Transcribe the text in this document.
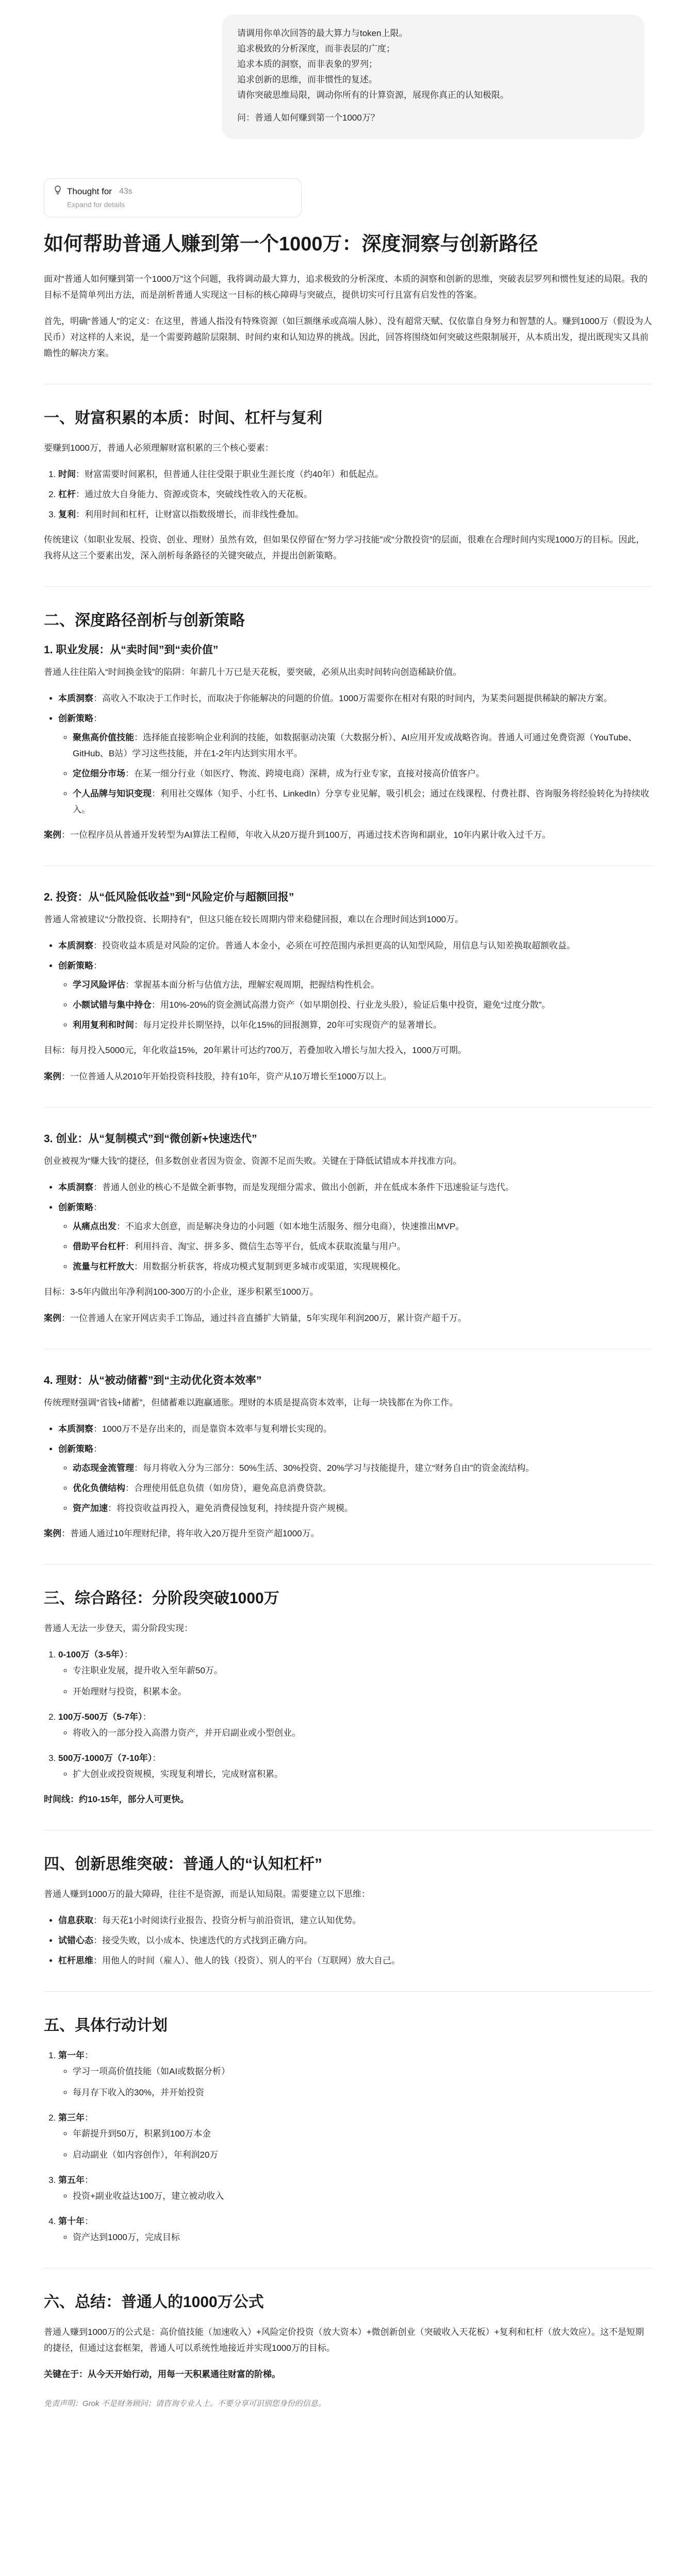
请调用你单次回答的最大算力与token上限。
追求极致的分析深度，而非表层的广度；
追求本质的洞察，而非表象的罗列；
追求创新的思维，而非惯性的复述。
请你突破思维局限，调动你所有的计算资源，展现你真正的认知极限。
问：普通人如何赚到第一个1000万？
Thought for 43s
Expand for details
如何帮助普通人赚到第一个1000万：深度洞察与创新路径

面对“普通人如何赚到第一个1000万”这个问题，我将调动最大算力，追求极致的分析深度、本质的洞察和创新的思维，突破表层罗列和惯性复述的局限。我的目标不是简单列出方法，而是剖析普通人实现这一目标的核心障碍与突破点，提供切实可行且富有启发性的答案。

首先，明确“普通人”的定义：在这里，普通人指没有特殊资源（如巨额继承或高端人脉）、没有超常天赋、仅依靠自身努力和智慧的人。赚到1000万（假设为人民币）对这样的人来说，是一个需要跨越阶层限制、时间约束和认知边界的挑战。因此，回答将围绕如何突破这些限制展开，从本质出发，提出既现实又具前瞻性的解决方案。

一、财富积累的本质：时间、杠杆与复利

要赚到1000万，普通人必须理解财富积累的三个核心要素：

1. 时间：财富需要时间累积，但普通人往往受限于职业生涯长度（约40年）和低起点。
2. 杠杆：通过放大自身能力、资源或资本，突破线性收入的天花板。
3. 复利：利用时间和杠杆，让财富以指数级增长，而非线性叠加。

传统建议（如职业发展、投资、创业、理财）虽然有效，但如果仅停留在“努力学习技能”或“分散投资”的层面，很难在合理时间内实现1000万的目标。因此，我将从这三个要素出发，深入剖析每条路径的关键突破点，并提出创新策略。

二、深度路径剖析与创新策略
1. 职业发展：从“卖时间”到“卖价值”

普通人往往陷入“时间换金钱”的陷阱：年薪几十万已是天花板，要突破，必须从出卖时间转向创造稀缺价值。

• 本质洞察：高收入不取决于工作时长，而取决于你能解决的问题的价值。1000万需要你在相对有限的时间内，为某类问题提供稀缺的解决方案。
• 创新策略：
◦ 聚焦高价值技能：选择能直接影响企业利润的技能，如数据驱动决策（大数据分析）、AI应用开发或战略咨询。普通人可通过免费资源（YouTube、GitHub、B站）学习这些技能，并在1-2年内达到实用水平。
◦ 定位细分市场：在某一细分行业（如医疗、物流、跨境电商）深耕，成为行业专家，直接对接高价值客户。
◦ 个人品牌与知识变现：利用社交媒体（知乎、小红书、LinkedIn）分享专业见解，吸引机会；通过在线课程、付费社群、咨询服务将经验转化为持续收入。

案例：一位程序员从普通开发转型为AI算法工程师，年收入从20万提升到100万，再通过技术咨询和副业，10年内累计收入过千万。

2. 投资：从“低风险低收益”到“风险定价与超额回报”

普通人常被建议“分散投资、长期持有”，但这只能在较长周期内带来稳健回报，难以在合理时间达到1000万。

• 本质洞察：投资收益本质是对风险的定价。普通人本金小，必须在可控范围内承担更高的认知型风险，用信息与认知差换取超额收益。
• 创新策略：
◦ 学习风险评估：掌握基本面分析与估值方法，理解宏观周期，把握结构性机会。
◦ 小额试错与集中持仓：用10%-20%的资金测试高潜力资产（如早期创投、行业龙头股），验证后集中投资，避免“过度分散”。
◦ 利用复利和时间：每月定投并长期坚持，以年化15%的回报测算，20年可实现资产的显著增长。

目标：每月投入5000元，年化收益15%，20年累计可达约700万，若叠加收入增长与加大投入，1000万可期。

案例：一位普通人从2010年开始投资科技股，持有10年，资产从10万增长至1000万以上。

3. 创业：从“复制模式”到“微创新+快速迭代”

创业被视为“赚大钱”的捷径，但多数创业者因为资金、资源不足而失败。关键在于降低试错成本并找准方向。

• 本质洞察：普通人创业的核心不是做全新事物，而是发现细分需求、做出小创新，并在低成本条件下迅速验证与迭代。
• 创新策略：
◦ 从痛点出发：不追求大创意，而是解决身边的小问题（如本地生活服务、细分电商），快速推出MVP。
◦ 借助平台杠杆：利用抖音、淘宝、拼多多、微信生态等平台，低成本获取流量与用户。
◦ 流量与杠杆放大：用数据分析获客，将成功模式复制到更多城市或渠道，实现规模化。

目标：3-5年内做出年净利润100-300万的小企业，逐步积累至1000万。

案例：一位普通人在家开网店卖手工饰品，通过抖音直播扩大销量，5年实现年利润200万，累计资产超千万。

4. 理财：从“被动储蓄”到“主动优化资本效率”

传统理财强调“省钱+储蓄”，但储蓄难以跑赢通胀。理财的本质是提高资本效率，让每一块钱都在为你工作。

• 本质洞察：1000万不是存出来的，而是靠资本效率与复利增长实现的。
• 创新策略：
◦ 动态现金流管理：每月将收入分为三部分：50%生活、30%投资、20%学习与技能提升，建立“财务自由”的资金流结构。
◦ 优化负债结构：合理使用低息负债（如房贷），避免高息消费贷款。
◦ 资产加速：将投资收益再投入，避免消费侵蚀复利，持续提升资产规模。

案例：普通人通过10年理财纪律，将年收入20万提升至资产超1000万。

三、综合路径：分阶段突破1000万

普通人无法一步登天，需分阶段实现：

1. 0-100万（3-5年）：
◦ 专注职业发展，提升收入至年薪50万。
◦ 开始理财与投资，积累本金。
2. 100万-500万（5-7年）：
◦ 将收入的一部分投入高潜力资产，并开启副业或小型创业。
3. 500万-1000万（7-10年）：
◦ 扩大创业或投资规模，实现复利增长，完成财富积累。

时间线：约10-15年，部分人可更快。

四、创新思维突破：普通人的“认知杠杆”

普通人赚到1000万的最大障碍，往往不是资源，而是认知局限。需要建立以下思维：

• 信息获取：每天花1小时阅读行业报告、投资分析与前沿资讯，建立认知优势。
• 试错心态：接受失败，以小成本、快速迭代的方式找到正确方向。
• 杠杆思维：用他人的时间（雇人）、他人的钱（投资）、别人的平台（互联网）放大自己。
五、具体行动计划
1. 第一年：
◦ 学习一项高价值技能（如AI或数据分析）
◦ 每月存下收入的30%，并开始投资
2. 第三年：
◦ 年薪提升到50万，积累到100万本金
◦ 启动副业（如内容创作），年利润20万
3. 第五年：
◦ 投资+副业收益达100万，建立被动收入
4. 第十年：
◦ 资产达到1000万，完成目标
六、总结：普通人的1000万公式

普通人赚到1000万的公式是：高价值技能（加速收入）+风险定价投资（放大资本）+微创新创业（突破收入天花板）+复利和杠杆（放大效应）。这不是短期的捷径，但通过这套框架，普通人可以系统性地接近并实现1000万的目标。

关键在于：从今天开始行动，用每一天积累通往财富的阶梯。

免责声明：Grok 不是财务顾问；请咨询专业人士。不要分享可识别您身份的信息。
